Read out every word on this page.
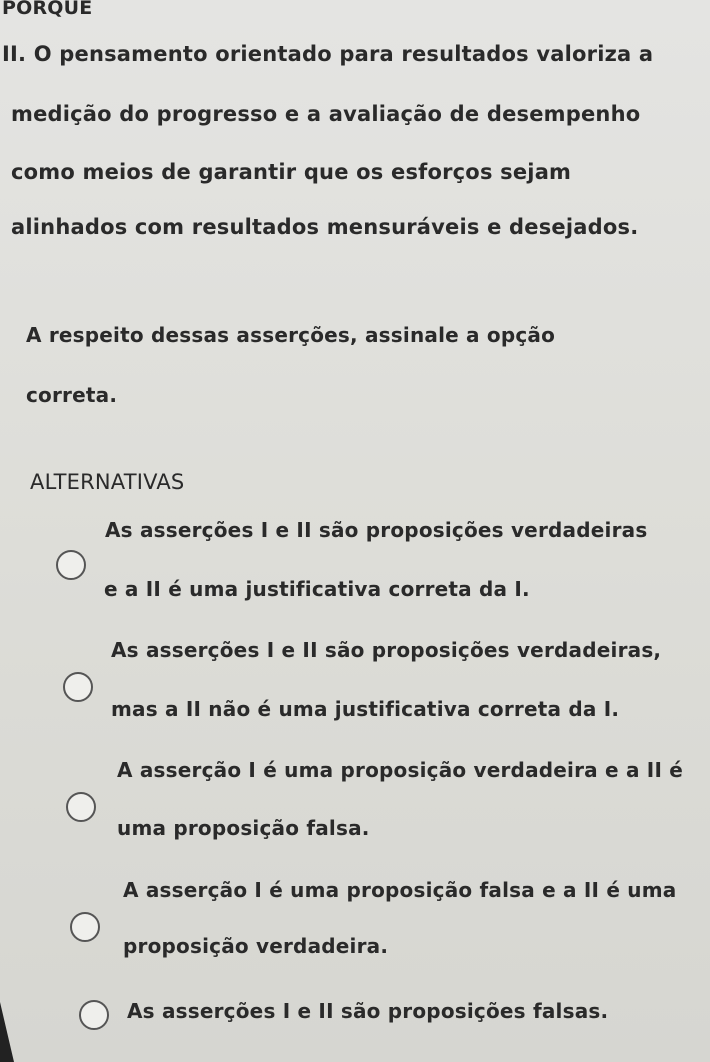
PORQUE
II. O pensamento orientado para resultados valoriza a
medição do progresso e a avaliação de desempenho
como meios de garantir que os esforços sejam
alinhados com resultados mensuráveis e desejados.
A respeito dessas asserções, assinale a opção
correta.
ALTERNATIVAS
As asserções I e II são proposições verdadeiras
e a II é uma justificativa correta da I.
As asserções I e II são proposições verdadeiras,
mas a II não é uma justificativa correta da I.
A asserção I é uma proposição verdadeira e a II é
uma proposição falsa.
A asserção I é uma proposição falsa e a II é uma
proposição verdadeira.
As asserções I e II são proposições falsas.
